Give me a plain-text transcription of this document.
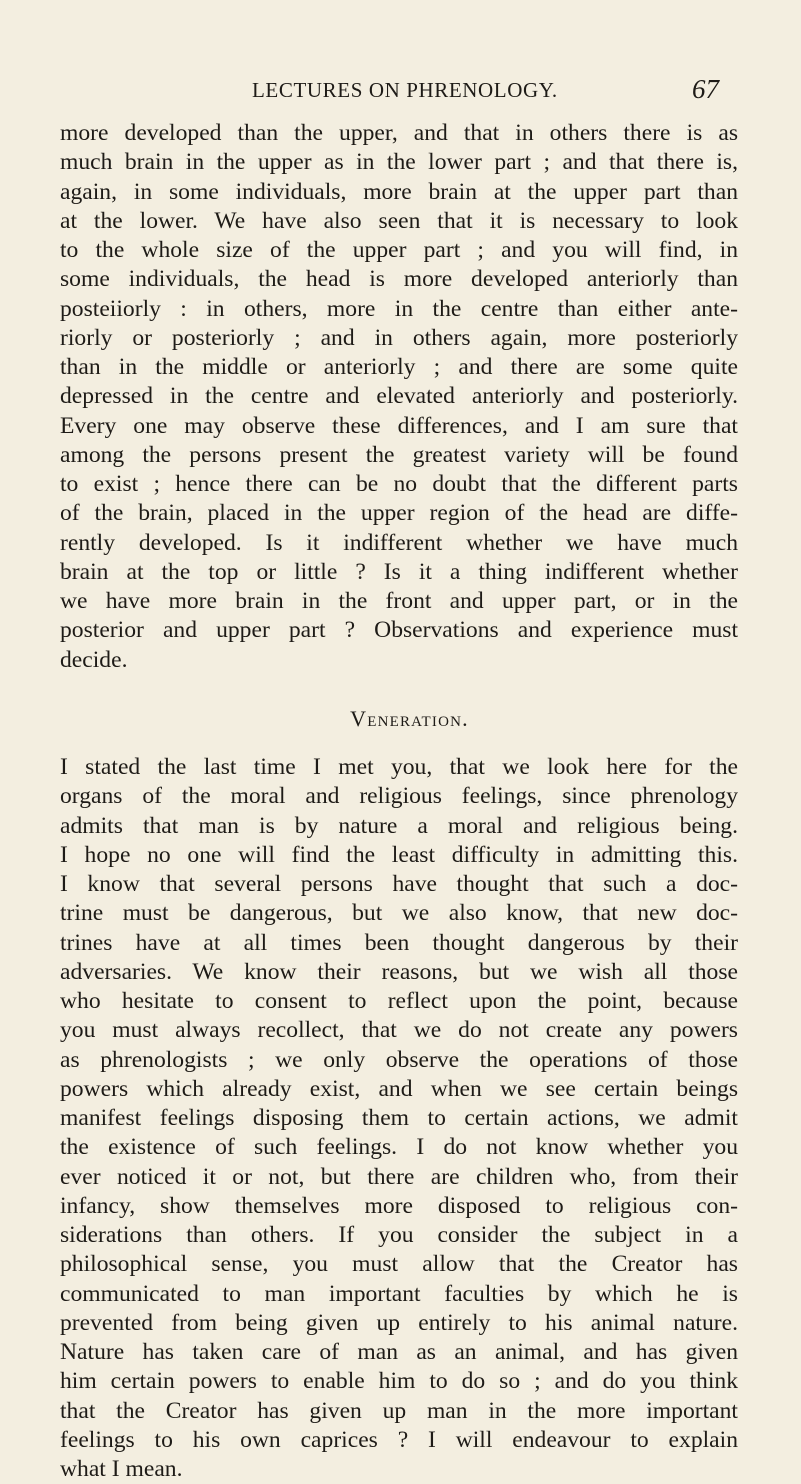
LECTURES ON PHRENOLOGY.	67
more developed than the upper, and that in others there is as
much brain in the upper as in the lower part ; and that there is,
again, in some individuals, more brain at the upper part than
at the lower. We have also seen that it is necessary to look
to the whole size of the upper part ; and you will find, in
some individuals, the head is more developed anteriorly than
posteiiorly : in others, more in the centre than either ante-
riorly or posteriorly ; and in others again, more posteriorly
than in the middle or anteriorly ; and there are some quite
depressed in the centre and elevated anteriorly and posteriorly.
Every one may observe these differences, and I am sure that
among the persons present the greatest variety will be found
to exist ; hence there can be no doubt that the different parts
of the brain, placed in the upper region of the head are diffe-
rently developed. Is it indifferent whether we have much
brain at the top or little ? Is it a thing indifferent whether
we have more brain in the front and upper part, or in the
posterior and upper part ? Observations and experience must
decide.
Veneration.
I stated the last time I met you, that we look here for the
organs of the moral and religious feelings, since phrenology
admits that man is by nature a moral and religious being.
I hope no one will find the least difficulty in admitting this.
I know that several persons have thought that such a doc-
trine must be dangerous, but we also know, that new doc-
trines have at all times been thought dangerous by their
adversaries. We know their reasons, but we wish all those
who hesitate to consent to reflect upon the point, because
you must always recollect, that we do not create any powers
as phrenologists ; we only observe the operations of those
powers which already exist, and when we see certain beings
manifest feelings disposing them to certain actions, we admit
the existence of such feelings. I do not know whether you
ever noticed it or not, but there are children who, from their
infancy, show themselves more disposed to religious con-
siderations than others. If you consider the subject in a
philosophical sense, you must allow that the Creator has
communicated to man important faculties by which he is
prevented from being given up entirely to his animal nature.
Nature has taken care of man as an animal, and has given
him certain powers to enable him to do so ; and do you think
that the Creator has given up man in the more important
feelings to his own caprices ? I will endeavour to explain
what I mean.
